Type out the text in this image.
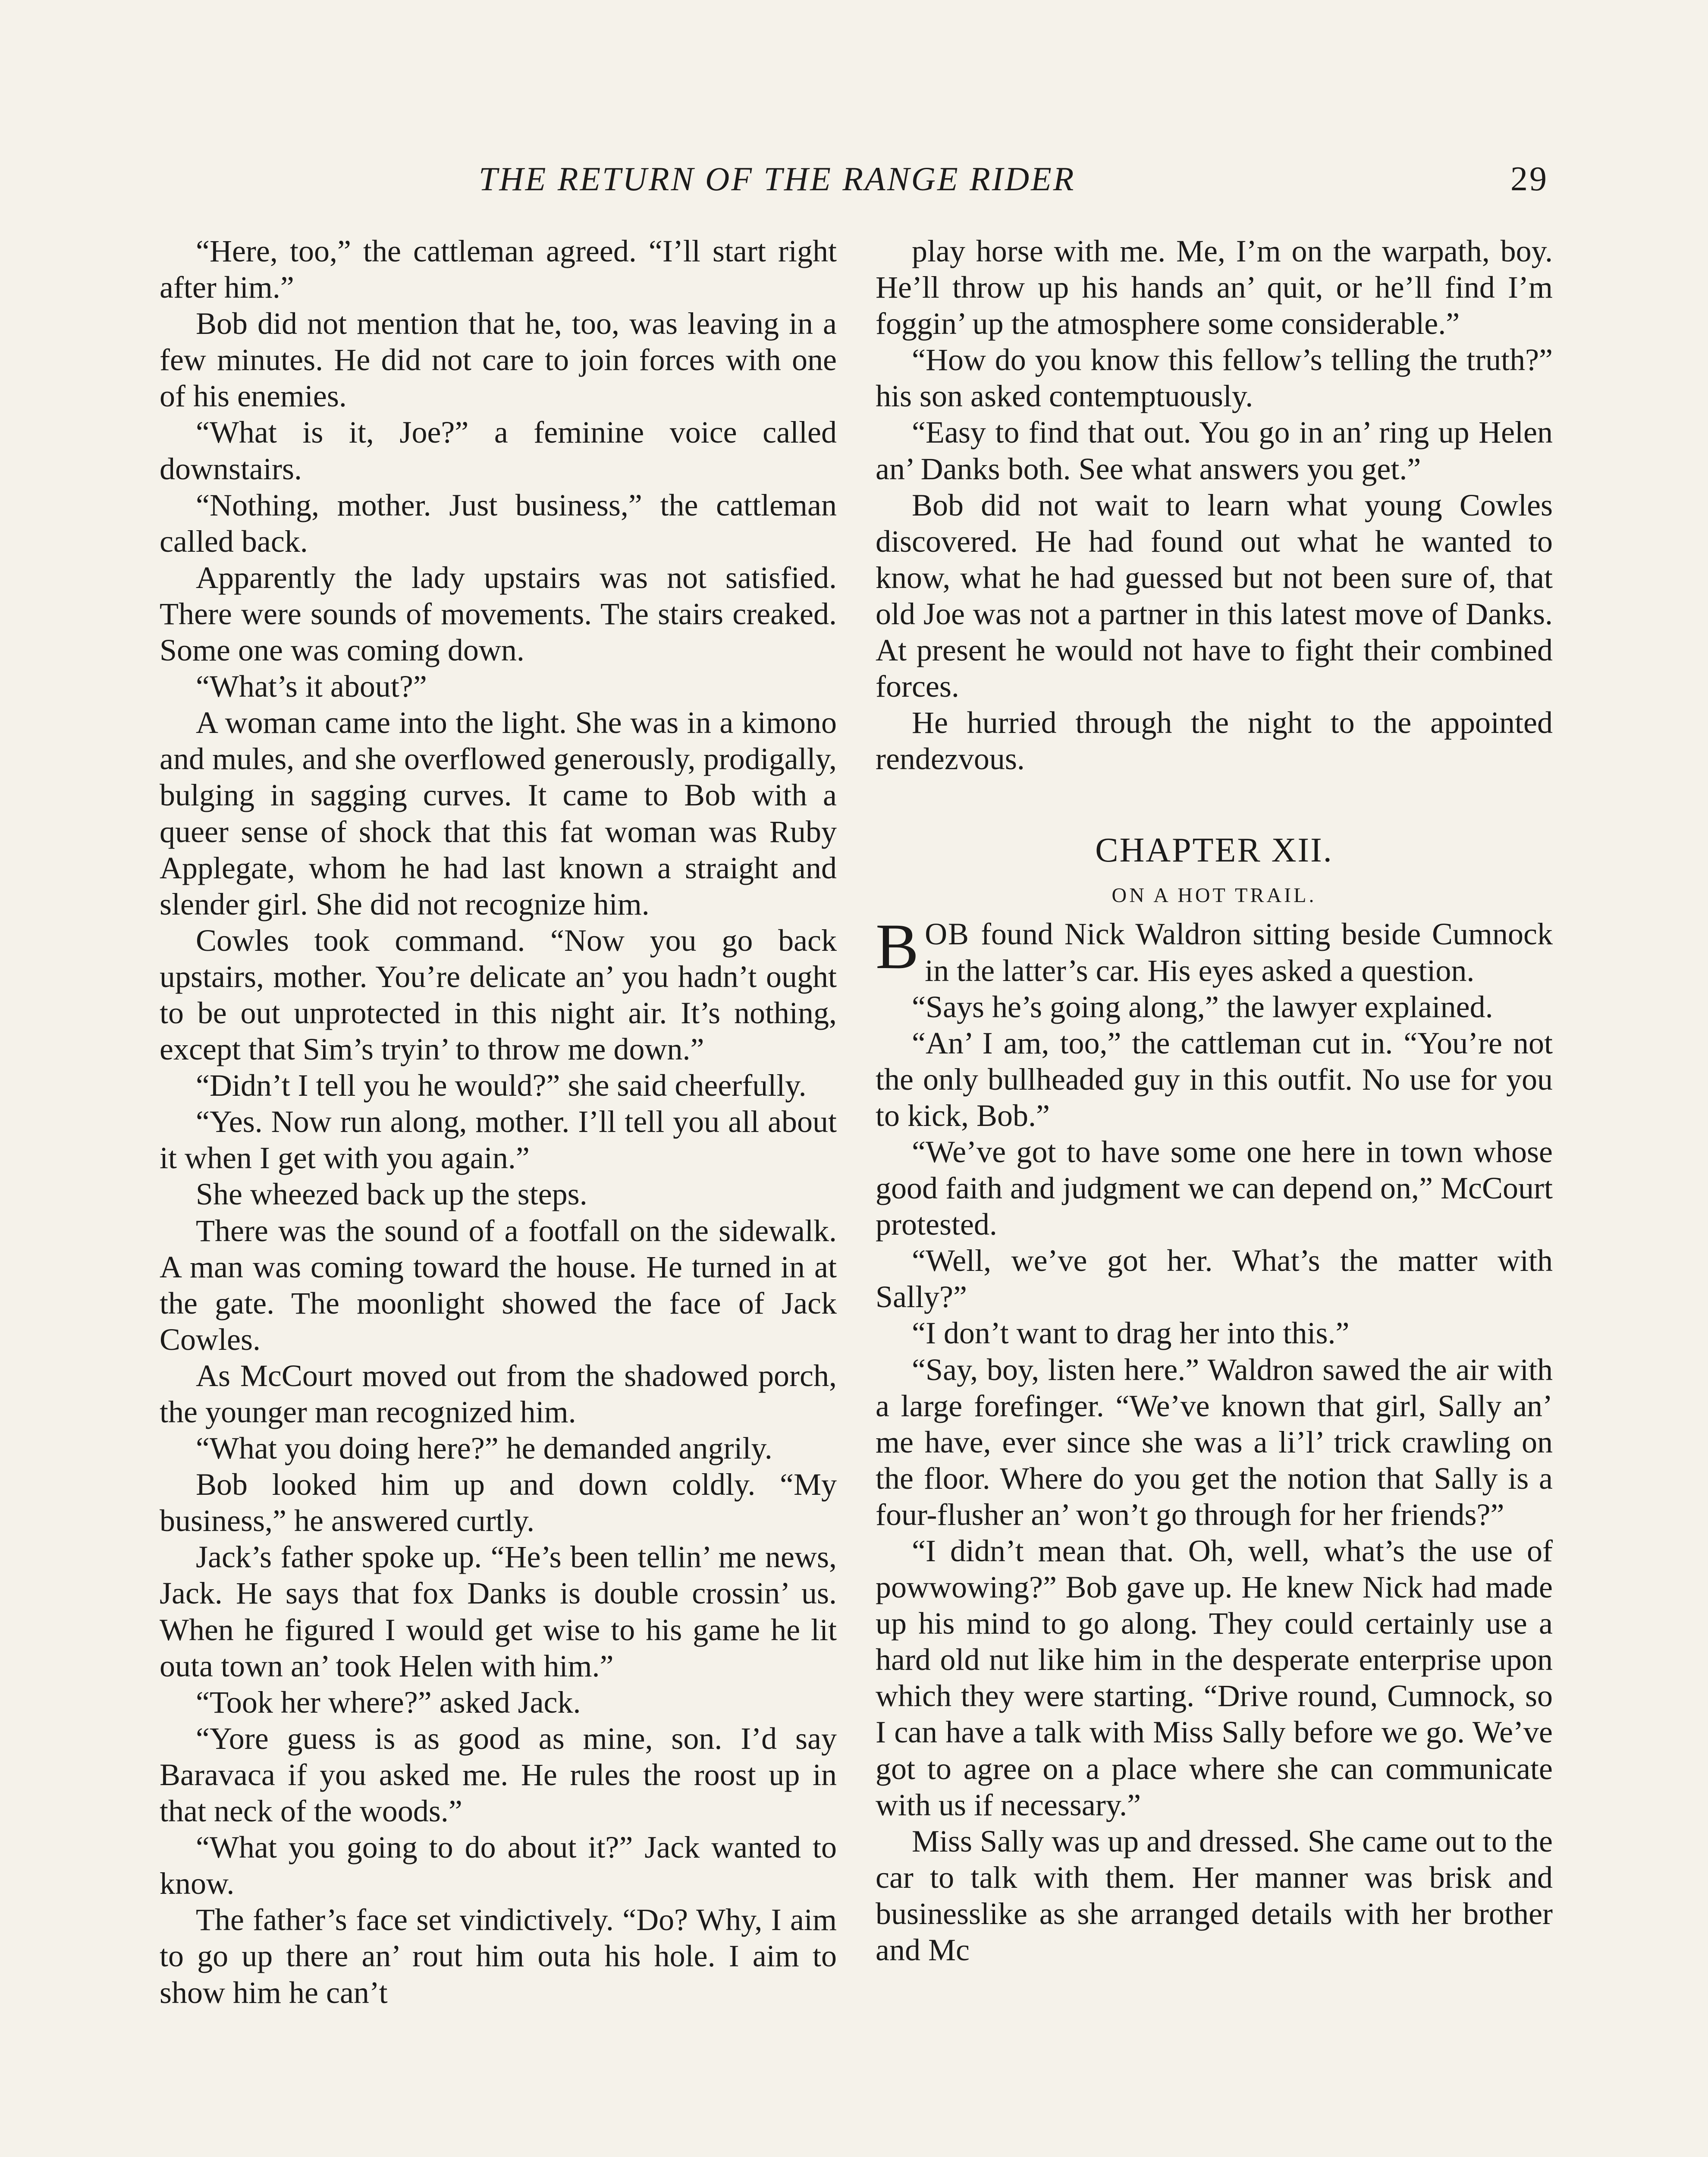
THE RETURN OF THE RANGE RIDER	29

“Here, too,” the cattleman agreed. “I’ll start right after him.”

Bob did not mention that he, too, was leaving in a few minutes. He did not care to join forces with one of his enemies.

“What is it, Joe?” a feminine voice called downstairs.

“Nothing, mother. Just business,” the cattleman called back.

Apparently the lady upstairs was not satisfied. There were sounds of movements. The stairs creaked. Some one was coming down.

“What’s it about?”

A woman came into the light. She was in a kimono and mules, and she overflowed generously, prodigally, bulging in sagging curves. It came to Bob with a queer sense of shock that this fat woman was Ruby Applegate, whom he had last known a straight and slender girl. She did not recognize him.

Cowles took command. “Now you go back upstairs, mother. You’re delicate an’ you hadn’t ought to be out unprotected in this night air. It’s nothing, except that Sim’s tryin’ to throw me down.”

“Didn’t I tell you he would?” she said cheerfully.

“Yes. Now run along, mother. I’ll tell you all about it when I get with you again.”

She wheezed back up the steps.

There was the sound of a footfall on the sidewalk. A man was coming toward the house. He turned in at the gate. The moonlight showed the face of Jack Cowles.

As McCourt moved out from the shadowed porch, the younger man recognized him.

“What you doing here?” he demanded angrily.

Bob looked him up and down coldly. “My business,” he answered curtly.

Jack’s father spoke up. “He’s been tellin’ me news, Jack. He says that fox Danks is double crossin’ us. When he figured I would get wise to his game he lit outa town an’ took Helen with him.”

“Took her where?” asked Jack.

“Yore guess is as good as mine, son. I’d say Baravaca if you asked me. He rules the roost up in that neck of the woods.”

“What you going to do about it?” Jack wanted to know.

The father’s face set vindictively. “Do? Why, I aim to go up there an’ rout him outa his hole. I aim to show him he can’t

play horse with me. Me, I’m on the warpath, boy. He’ll throw up his hands an’ quit, or he’ll find I’m foggin’ up the atmosphere some considerable.”

“How do you know this fellow’s telling the truth?” his son asked contemptuously.

“Easy to find that out. You go in an’ ring up Helen an’ Danks both. See what answers you get.”

Bob did not wait to learn what young Cowles discovered. He had found out what he wanted to know, what he had guessed but not been sure of, that old Joe was not a partner in this latest move of Danks. At present he would not have to fight their combined forces.

He hurried through the night to the appointed rendezvous.

CHAPTER XII.
ON A HOT TRAIL.

BOB found Nick Waldron sitting beside Cumnock in the latter’s car. His eyes asked a question.

“Says he’s going along,” the lawyer explained.

“An’ I am, too,” the cattleman cut in. “You’re not the only bullheaded guy in this outfit. No use for you to kick, Bob.”

“We’ve got to have some one here in town whose good faith and judgment we can depend on,” McCourt protested.

“Well, we’ve got her. What’s the matter with Sally?”

“I don’t want to drag her into this.”

“Say, boy, listen here.” Waldron sawed the air with a large forefinger. “We’ve known that girl, Sally an’ me have, ever since she was a li’l’ trick crawling on the floor. Where do you get the notion that Sally is a four-flusher an’ won’t go through for her friends?”

“I didn’t mean that. Oh, well, what’s the use of powwowing?” Bob gave up. He knew Nick had made up his mind to go along. They could certainly use a hard old nut like him in the desperate enterprise upon which they were starting. “Drive round, Cumnock, so I can have a talk with Miss Sally before we go. We’ve got to agree on a place where she can communicate with us if necessary.”

Miss Sally was up and dressed. She came out to the car to talk with them. Her manner was brisk and businesslike as she arranged details with her brother and Mc
